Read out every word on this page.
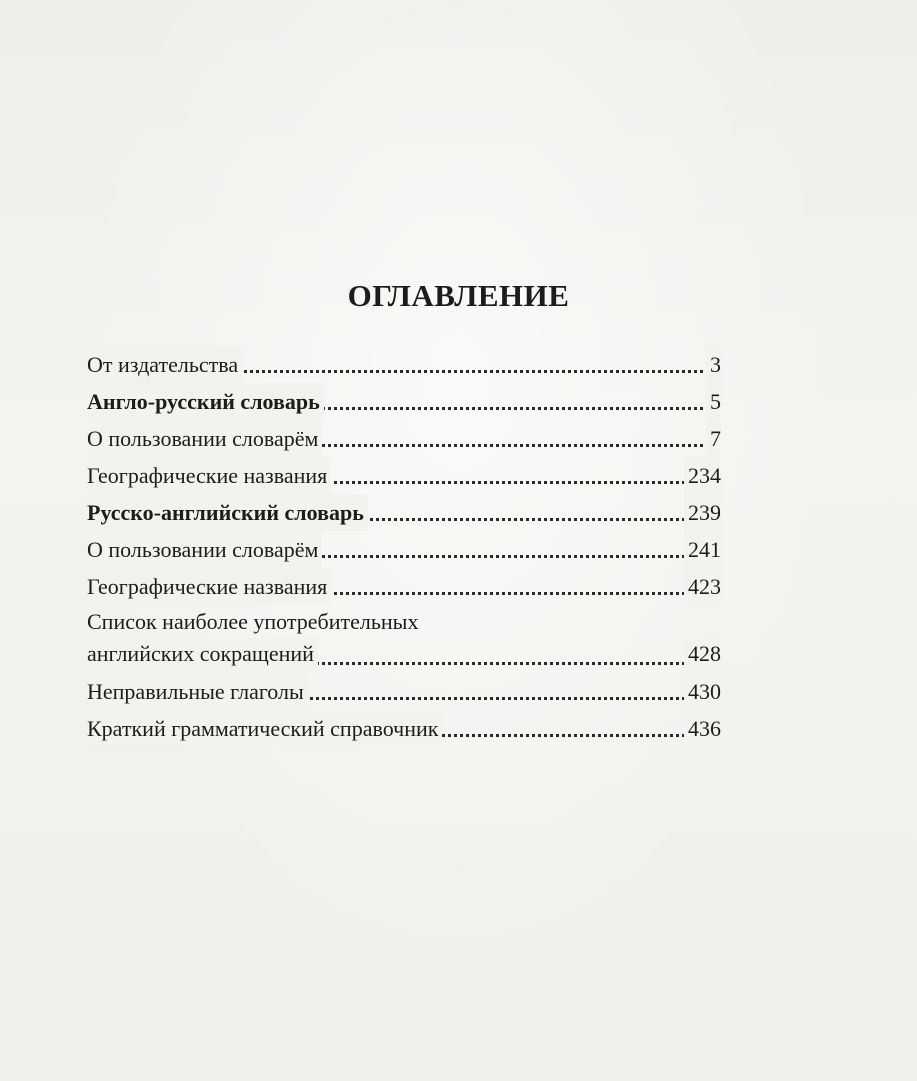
ОГЛАВЛЕНИЕ
От издательства	3
Англо-русский словарь	5
О пользовании словарём	7
Географические названия	234
Русско-английский словарь	239
О пользовании словарём	241
Географические названия	423
Список наиболее употребительных
английских сокращений	428
Неправильные глаголы	430
Краткий грамматический справочник	436
